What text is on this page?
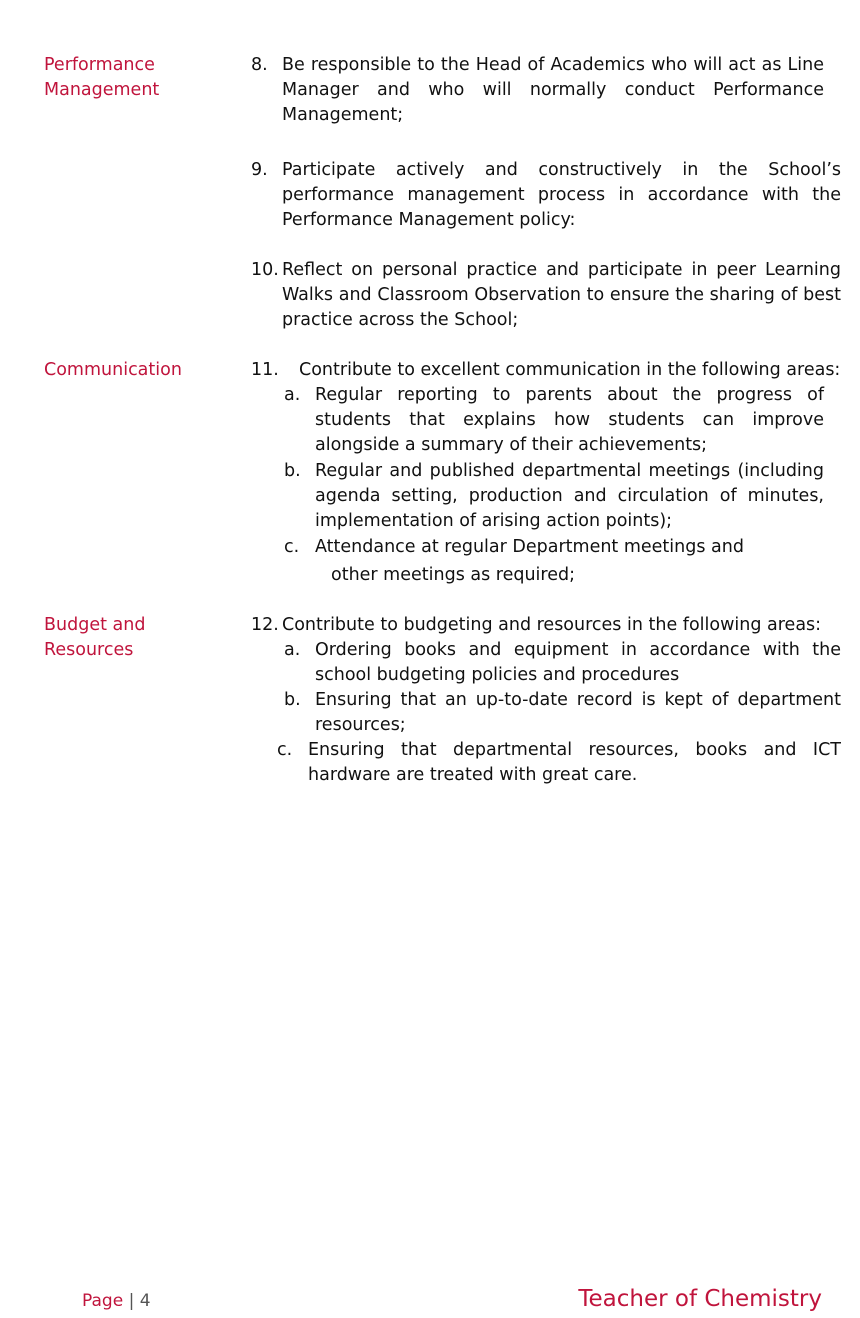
Performance Management
Communication
Budget and Resources
8. Be responsible to the Head of Academics who will act as Line Manager and who will normally conduct Performance Management;
9. Participate actively and constructively in the School’s performance management process in accordance with the Performance Management policy:
10. Reflect on personal practice and participate in peer Learning Walks and Classroom Observation to ensure the sharing of best practice across the School;
11.	Contribute to excellent communication in the following areas:
a. Regular reporting to parents about the progress of students that explains how students can improve alongside a summary of their achievements;
b. Regular and published departmental meetings (including agenda setting, production and circulation of minutes, implementation of arising action points);
c. Attendance at regular Department meetings and
other meetings as required;
12. Contribute to budgeting and resources in the following areas:
a. Ordering books and equipment in accordance with the school budgeting policies and procedures
b. Ensuring that an up-to-date record is kept of department resources;
c. Ensuring that departmental resources, books and ICT hardware are treated with great care.
Page | 4	Teacher of Chemistry
